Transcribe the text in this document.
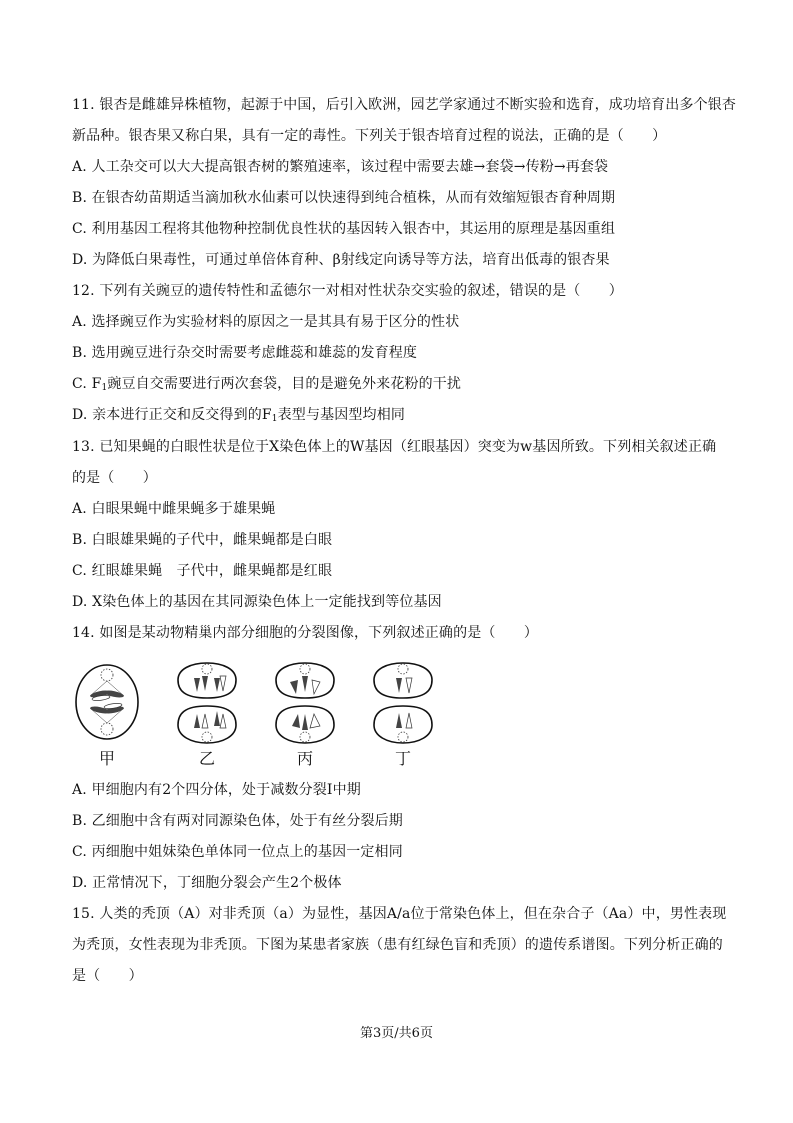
11. 银杏是雌雄异株植物，起源于中国，后引入欧洲，园艺学家通过不断实验和选育，成功培育出多个银杏
新品种。银杏果又称白果，具有一定的毒性。下列关于银杏培育过程的说法，正确的是（　　）
A. 人工杂交可以大大提高银杏树的繁殖速率，该过程中需要去雄→套袋→传粉→再套袋
B. 在银杏幼苗期适当滴加秋水仙素可以快速得到纯合植株，从而有效缩短银杏育种周期
C. 利用基因工程将其他物种控制优良性状的基因转入银杏中，其运用的原理是基因重组
D. 为降低白果毒性，可通过单倍体育种、β射线定向诱导等方法，培育出低毒的银杏果
12. 下列有关豌豆的遗传特性和孟德尔一对相对性状杂交实验的叙述，错误的是（　　）
A. 选择豌豆作为实验材料的原因之一是其具有易于区分的性状
B. 选用豌豆进行杂交时需要考虑雌蕊和雄蕊的发育程度
C. $F_1$豌豆自交需要进行两次套袋，目的是避免外来花粉的干扰
D. 亲本进行正交和反交得到的$F_1$表型与基因型均相同
13. 已知果蝇的白眼性状是位于X染色体上的W基因（红眼基因）突变为w基因所致。下列相关叙述正确
的是（　　）
A. 白眼果蝇中雌果蝇多于雄果蝇
B. 白眼雄果蝇的子代中，雌果蝇都是白眼
C. 红眼雄果蝇　子代中，雌果蝇都是红眼
D. X染色体上的基因在其同源染色体上一定能找到等位基因
14. 如图是某动物精巢内部分细胞的分裂图像，下列叙述正确的是（　　）
甲	乙	丙	丁
A. 甲细胞内有2个四分体，处于减数分裂Ⅰ中期
B. 乙细胞中含有两对同源染色体，处于有丝分裂后期
C. 丙细胞中姐妹染色单体同一位点上的基因一定相同
D. 正常情况下，丁细胞分裂会产生2个极体
15. 人类的秃顶（A）对非秃顶（a）为显性，基因A/a位于常染色体上，但在杂合子（Aa）中，男性表现
为秃顶，女性表现为非秃顶。下图为某患者家族（患有红绿色盲和秃顶）的遗传系谱图。下列分析正确的
是（　　）
第3页/共6页
